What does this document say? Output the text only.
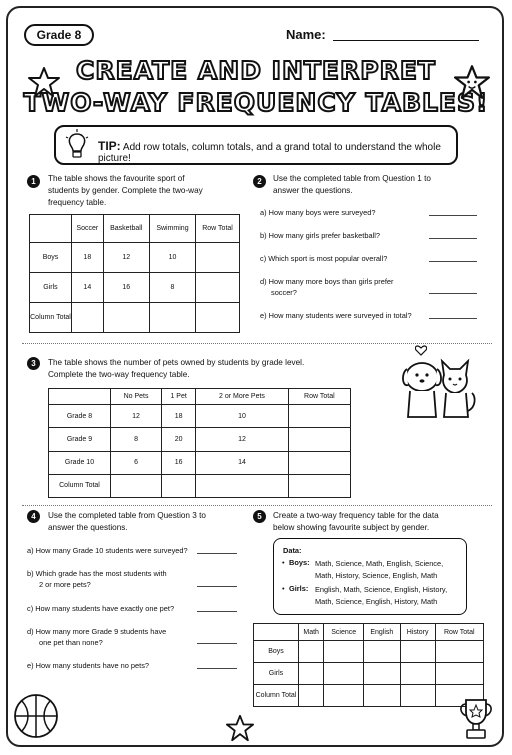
Grade 8	Name:
CREATE AND INTERPRET
TWO-WAY FREQUENCY TABLES!
TIP: Add row totals, column totals, and a grand total to understand the whole picture!
1	The table shows the favourite sport of
students by gender. Complete the two-way
frequency table.
	Soccer	Basketball	Swimming	Row Total
Boys	18	12	10	
Girls	14	16	8	
Column Total				
2	Use the completed table from Question 1 to
answer the questions.
a) How many boys were surveyed?
b) How many girls prefer basketball?
c) Which sport is most popular overall?
d) How many more boys than girls prefer
soccer?
e) How many students were surveyed in total?
3	The table shows the number of pets owned by students by grade level.
Complete the two-way frequency table.
	No Pets	1 Pet	2 or More Pets	Row Total
Grade 8	12	18	10	
Grade 9	8	20	12	
Grade 10	6	16	14	
Column Total				
4	Use the completed table from Question 3 to
answer the questions.
a) How many Grade 10 students were surveyed?
b) Which grade has the most students with
2 or more pets?
c) How many students have exactly one pet?
d) How many more Grade 9 students have
one pet than none?
e) How many students have no pets?
5	Create a two-way frequency table for the data
below showing favourite subject by gender.
Data:
• Boys: Math, Science, Math, English, Science,
Math, History, Science, English, Math
• Girls: English, Math, Science, English, History,
Math, Science, English, History, Math
	Math	Science	English	History	Row Total
Boys					
Girls					
Column Total					
